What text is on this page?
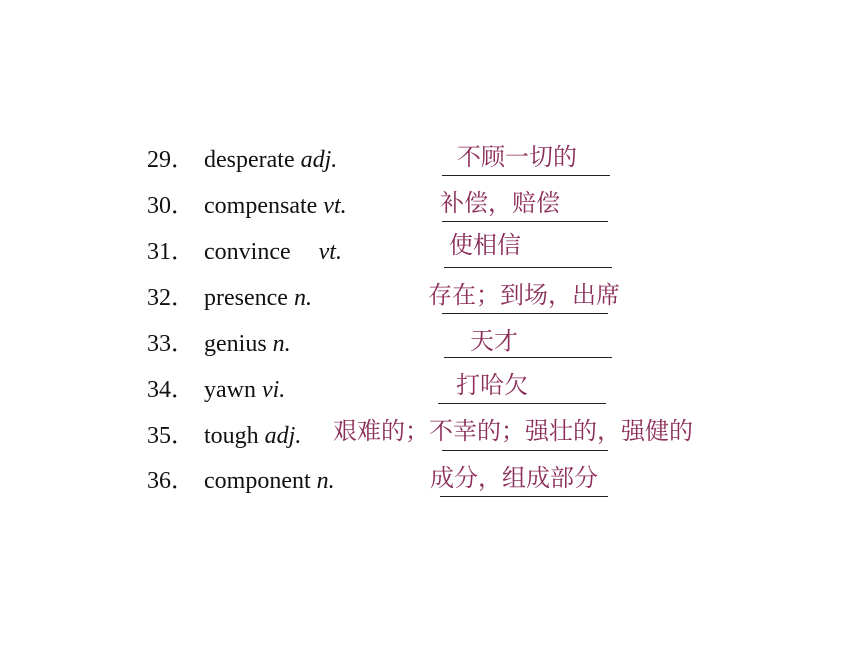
29． desperate adj.	不顾一切的
30． compensate vt.	补偿，赔偿
31． convince vt.	使相信
32． presence n.	存在；到场，出席
33． genius n.	天才
34． yawn vi.	打哈欠
35． tough adj. 艰难的；不幸的；强壮的，强健的
36． component n.	成分，组成部分
